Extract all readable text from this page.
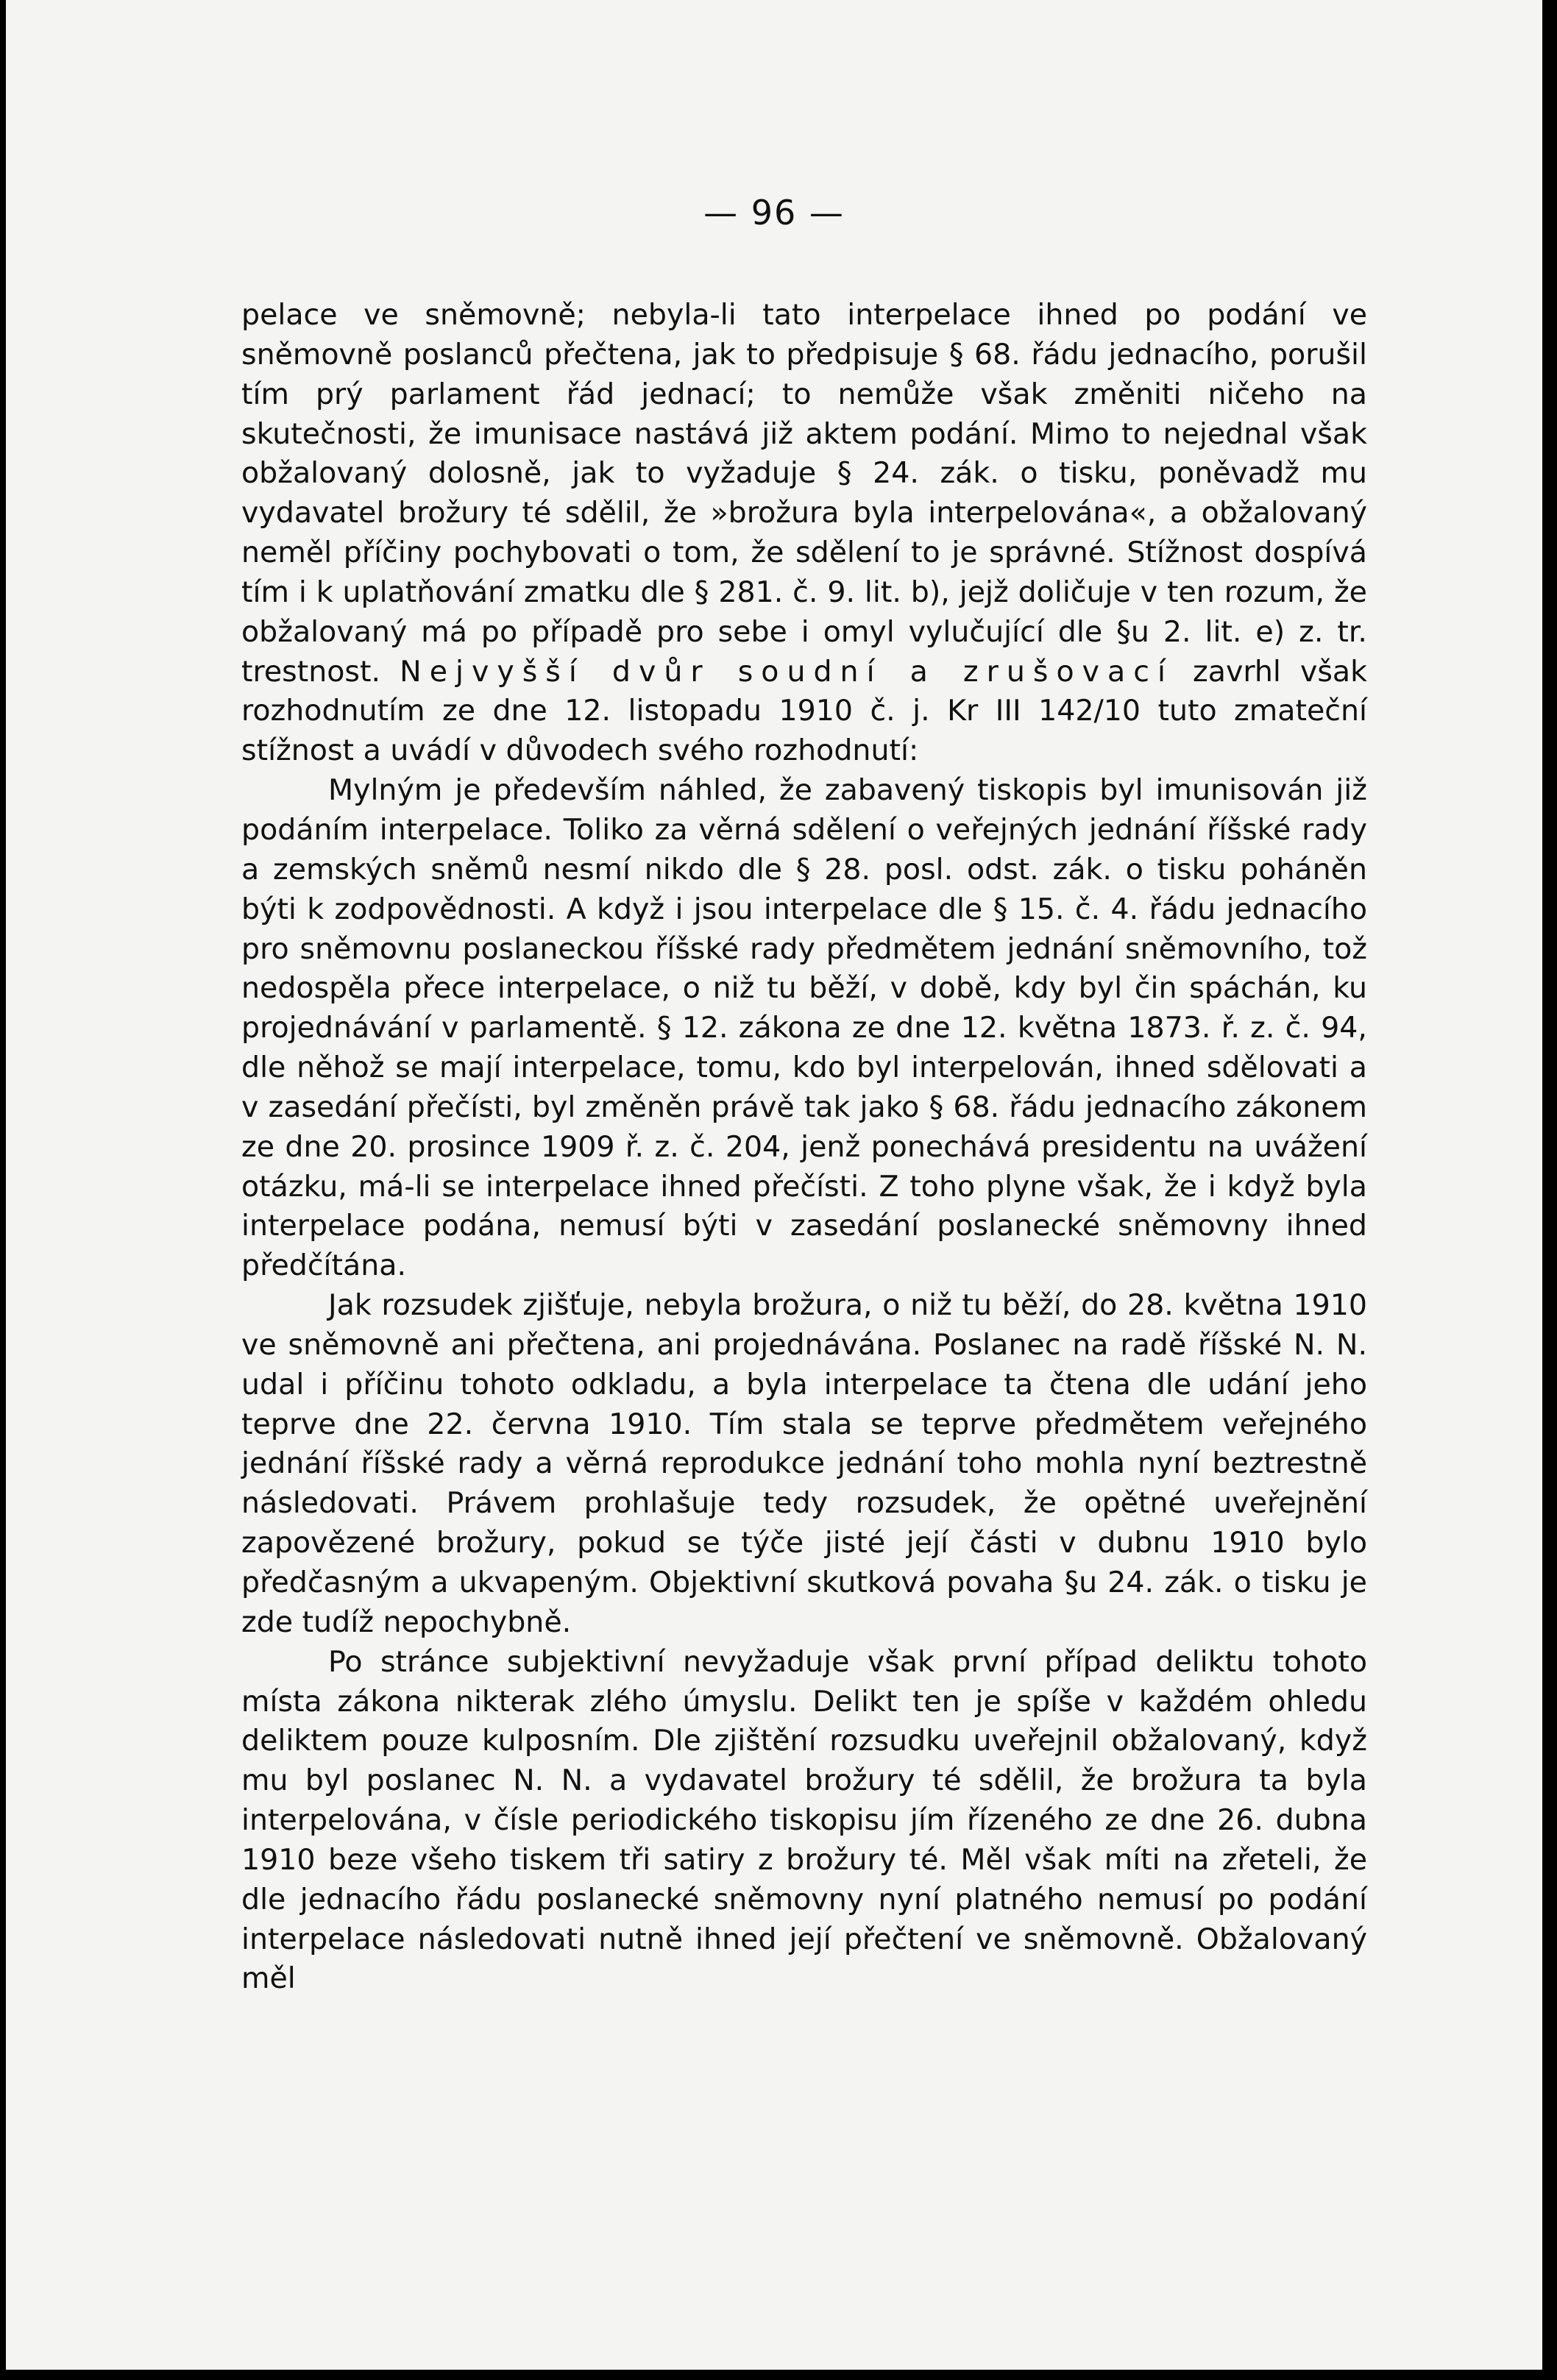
— 96 —

pelace ve sněmovně; nebyla-li tato interpelace ihned po podání ve sněmovně poslanců přečtena, jak to předpisuje § 68. řádu jednacího, porušil tím prý parlament řád jednací; to nemůže však změniti ničeho na skutečnosti, že imunisace nastává již aktem podání. Mimo to nejednal však obžalovaný dolosně, jak to vyžaduje § 24. zák. o tisku, poněvadž mu vydavatel brožury té sdělil, že »brožura byla interpelována«, a obžalovaný neměl příčiny pochybovati o tom, že sdělení to je správné. Stížnost dospívá tím i k uplatňování zmatku dle § 281. č. 9. lit. b), jejž doličuje v ten rozum, že obžalovaný má po případě pro sebe i omyl vylučující dle §u 2. lit. e) z. tr. trestnost. Nejvyšší dvůr soudní a zrušovací zavrhl však rozhodnutím ze dne 12. listopadu 1910 č. j. Kr III 142/10 tuto zmateční stížnost a uvádí v důvodech svého rozhodnutí:

Mylným je především náhled, že zabavený tiskopis byl imunisován již podáním interpelace. Toliko za věrná sdělení o veřejných jednání říšské rady a zemských sněmů nesmí nikdo dle § 28. posl. odst. zák. o tisku poháněn býti k zodpovědnosti. A když i jsou interpelace dle § 15. č. 4. řádu jednacího pro sněmovnu poslaneckou říšské rady předmětem jednání sněmovního, tož nedospěla přece interpelace, o niž tu běží, v době, kdy byl čin spáchán, ku projednávání v parlamentě. § 12. zákona ze dne 12. května 1873. ř. z. č. 94, dle něhož se mají interpelace, tomu, kdo byl interpelován, ihned sdělovati a v zasedání přečísti, byl změněn právě tak jako § 68. řádu jednacího zákonem ze dne 20. prosince 1909 ř. z. č. 204, jenž ponechává presidentu na uvážení otázku, má-li se interpelace ihned přečísti. Z toho plyne však, že i když byla interpelace podána, nemusí býti v zasedání poslanecké sněmovny ihned předčítána.

Jak rozsudek zjišťuje, nebyla brožura, o niž tu běží, do 28. května 1910 ve sněmovně ani přečtena, ani projednávána. Poslanec na radě říšské N. N. udal i příčinu tohoto odkladu, a byla interpelace ta čtena dle udání jeho teprve dne 22. června 1910. Tím stala se teprve předmětem veřejného jednání říšské rady a věrná reprodukce jednání toho mohla nyní beztrestně následovati. Právem prohlašuje tedy rozsudek, že opětné uveřejnění zapovězené brožury, pokud se týče jisté její části v dubnu 1910 bylo předčasným a ukvapeným. Objektivní skutková povaha §u 24. zák. o tisku je zde tudíž nepochybně.

Po stránce subjektivní nevyžaduje však první případ deliktu tohoto místa zákona nikterak zlého úmyslu. Delikt ten je spíše v každém ohledu deliktem pouze kulposním. Dle zjištění rozsudku uveřejnil obžalovaný, když mu byl poslanec N. N. a vydavatel brožury té sdělil, že brožura ta byla interpelována, v čísle periodického tiskopisu jím řízeného ze dne 26. dubna 1910 beze všeho tiskem tři satiry z brožury té. Měl však míti na zřeteli, že dle jednacího řádu poslanecké sněmovny nyní platného nemusí po podání interpelace následovati nutně ihned její přečtení ve sněmovně. Obžalovaný měl
